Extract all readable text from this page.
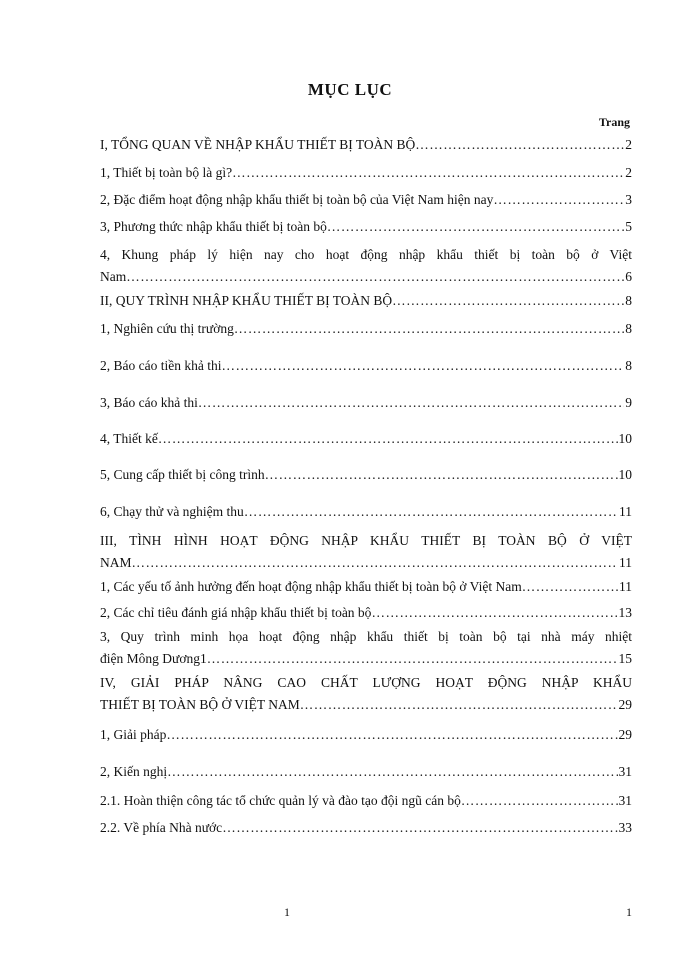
MỤC LỤC
Trang
I, TỔNG QUAN VỀ NHẬP KHẨU THIẾT BỊ TOÀN BỘ …………………………………………………………………………………………………………………………………………………………………………………………………………………………	2
1, Thiết bị toàn bộ là gì? …………………………………………………………………………………………………………………………………………………………………………………………………………………………	2
2, Đặc điểm hoạt động nhập khẩu thiết bị toàn bộ của Việt Nam hiện nay …………………………………………………………………………………………………………………………………………………………………………………………………………………………	3
3, Phương thức nhập khẩu thiết bị toàn bộ …………………………………………………………………………………………………………………………………………………………………………………………………………………………	5
4, Khung pháp lý hiện nay cho hoạt động nhập khẩu thiết bị toàn bộ ở Việt
Nam …………………………………………………………………………………………………………………………………………………………………………………………………………………………	6
II, QUY TRÌNH NHẬP KHẨU THIẾT BỊ TOÀN BỘ …………………………………………………………………………………………………………………………………………………………………………………………………………………………	8
1, Nghiên cứu thị trường …………………………………………………………………………………………………………………………………………………………………………………………………………………………	8
2, Báo cáo tiền khả thi …………………………………………………………………………………………………………………………………………………………………………………………………………………………	8
3, Báo cáo khả thi …………………………………………………………………………………………………………………………………………………………………………………………………………………………	9
4, Thiết kế …………………………………………………………………………………………………………………………………………………………………………………………………………………………	10
5, Cung cấp thiết bị công trình …………………………………………………………………………………………………………………………………………………………………………………………………………………………	10
6, Chạy thử và nghiệm thu …………………………………………………………………………………………………………………………………………………………………………………………………………………………	11
III, TÌNH HÌNH HOẠT ĐỘNG NHẬP KHẨU THIẾT BỊ TOÀN BỘ Ở VIỆT
NAM …………………………………………………………………………………………………………………………………………………………………………………………………………………………	11
1, Các yếu tố ảnh hưởng đến hoạt động nhập khẩu thiết bị toàn bộ ở Việt Nam …………………………………………………………………………………………………………………………………………………………………………………………………………………………	11
2, Các chỉ tiêu đánh giá nhập khẩu thiết bị toàn bộ …………………………………………………………………………………………………………………………………………………………………………………………………………………………	13
3, Quy trình minh họa hoạt động nhập khẩu thiết bị toàn bộ tại nhà máy nhiệt
điện Mông Dương1 …………………………………………………………………………………………………………………………………………………………………………………………………………………………	15
IV, GIẢI PHÁP NÂNG CAO CHẤT LƯỢNG HOẠT ĐỘNG NHẬP KHẨU
THIẾT BỊ TOÀN BỘ Ở VIỆT NAM …………………………………………………………………………………………………………………………………………………………………………………………………………………………	29
1, Giải pháp …………………………………………………………………………………………………………………………………………………………………………………………………………………………	29
2, Kiến nghị …………………………………………………………………………………………………………………………………………………………………………………………………………………………	31
2.1. Hoàn thiện công tác tổ chức quản lý và đào tạo đội ngũ cán bộ …………………………………………………………………………………………………………………………………………………………………………………………………………………………	31
2.2. Về phía Nhà nước …………………………………………………………………………………………………………………………………………………………………………………………………………………………	33
1	1
